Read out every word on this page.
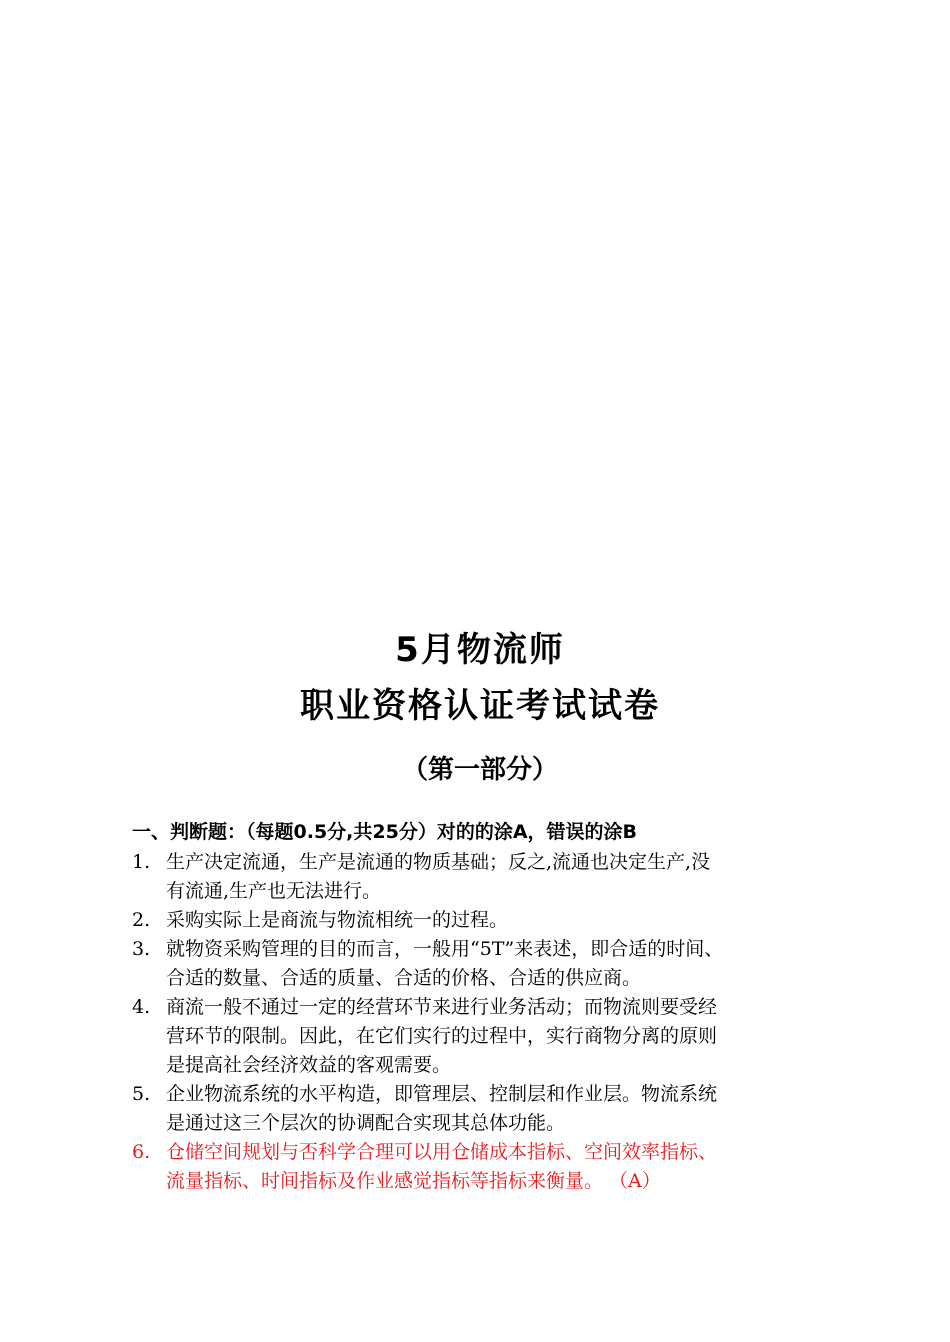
5月物流师
职业资格认证考试试卷
（第一部分）
一、判断题：（每题0.5分,共25分）对的的涂A，错误的涂B
1. 生产决定流通，生产是流通的物质基础；反之,流通也决定生产,没
有流通,生产也无法进行。
2. 采购实际上是商流与物流相统一的过程。
3. 就物资采购管理的目的而言，一般用“5T”来表述，即合适的时间、
合适的数量、合适的质量、合适的价格、合适的供应商。
4. 商流一般不通过一定的经营环节来进行业务活动；而物流则要受经
营环节的限制。因此，在它们实行的过程中，实行商物分离的原则
是提高社会经济效益的客观需要。
5. 企业物流系统的水平构造，即管理层、控制层和作业层。物流系统
是通过这三个层次的协调配合实现其总体功能。
6. 仓储空间规划与否科学合理可以用仓储成本指标、空间效率指标、
流量指标、时间指标及作业感觉指标等指标来衡量。 （A）
